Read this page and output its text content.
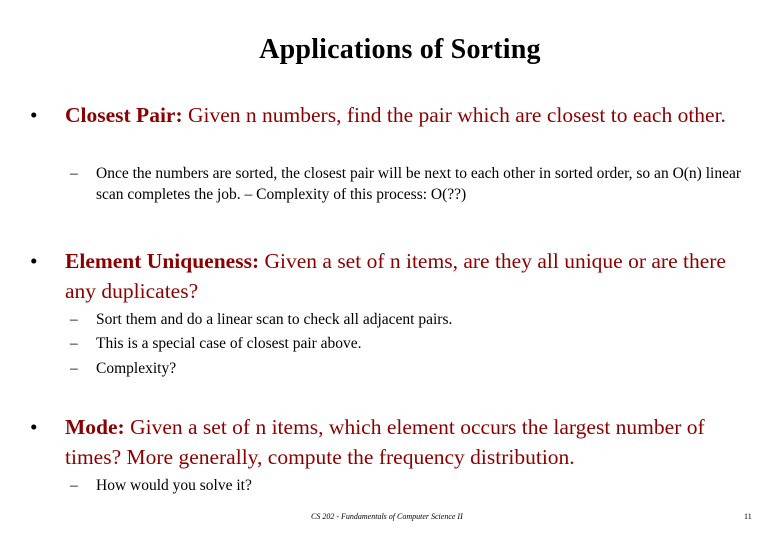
Applications of Sorting
•	Closest Pair: Given n numbers, find the pair which are closest to each other.
– Once the numbers are sorted, the closest pair will be next to each other in sorted order, so an O(n) linear scan completes the job. – Complexity of this process: O(??)
•	Element Uniqueness: Given a set of n items, are they all unique or are there any duplicates?
– Sort them and do a linear scan to check all adjacent pairs.
– This is a special case of closest pair above.
– Complexity?
•	Mode: Given a set of n items, which element occurs the largest number of times? More generally, compute the frequency distribution.
– How would you solve it?
CS 202 - Fundamentals of Computer Science II	11
